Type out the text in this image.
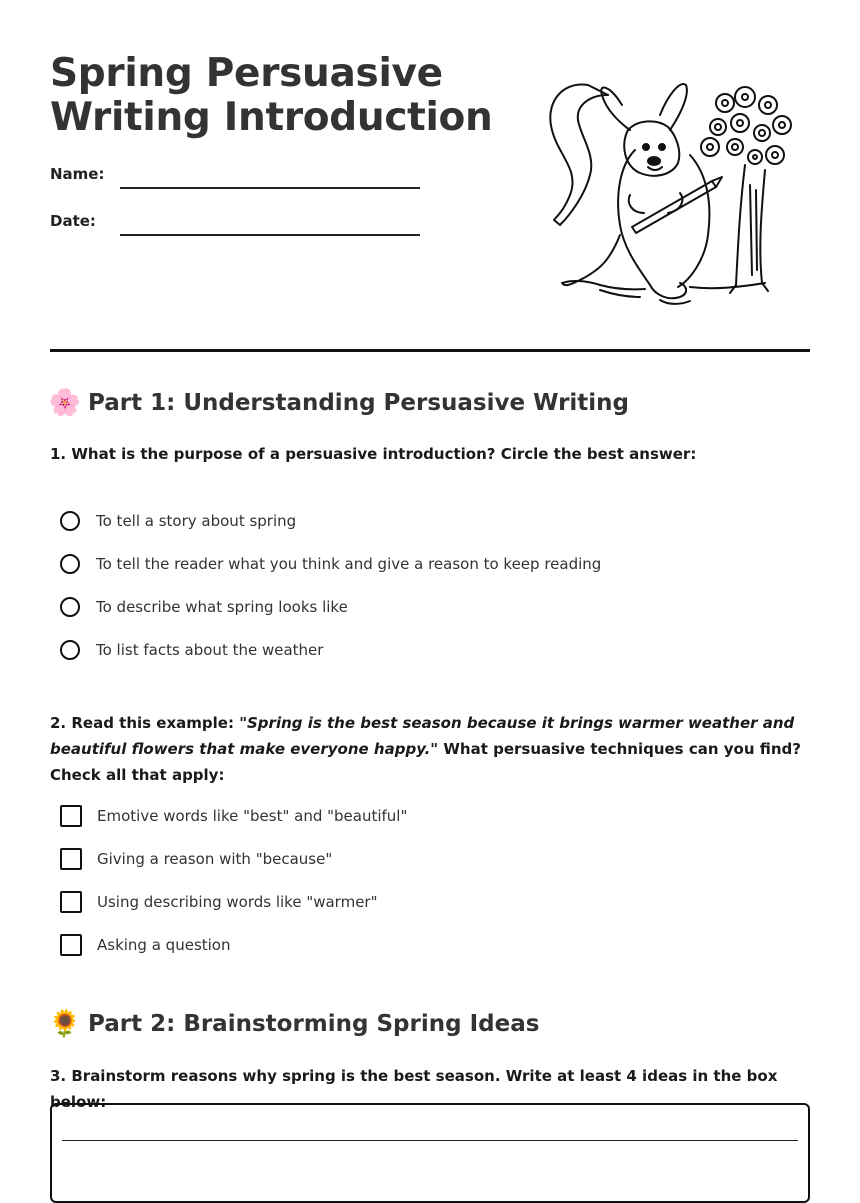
Spring Persuasive Writing Introduction
Name:
Date:
🌸 Part 1: Understanding Persuasive Writing
1. What is the purpose of a persuasive introduction? Circle the best answer:
To tell a story about spring
To tell the reader what you think and give a reason to keep reading
To describe what spring looks like
To list facts about the weather
2. Read this example: "Spring is the best season because it brings warmer weather and beautiful flowers that make everyone happy." What persuasive techniques can you find? Check all that apply:
Emotive words like "best" and "beautiful"
Giving a reason with "because"
Using describing words like "warmer"
Asking a question
🌻 Part 2: Brainstorming Spring Ideas
3. Brainstorm reasons why spring is the best season. Write at least 4 ideas in the box below:
